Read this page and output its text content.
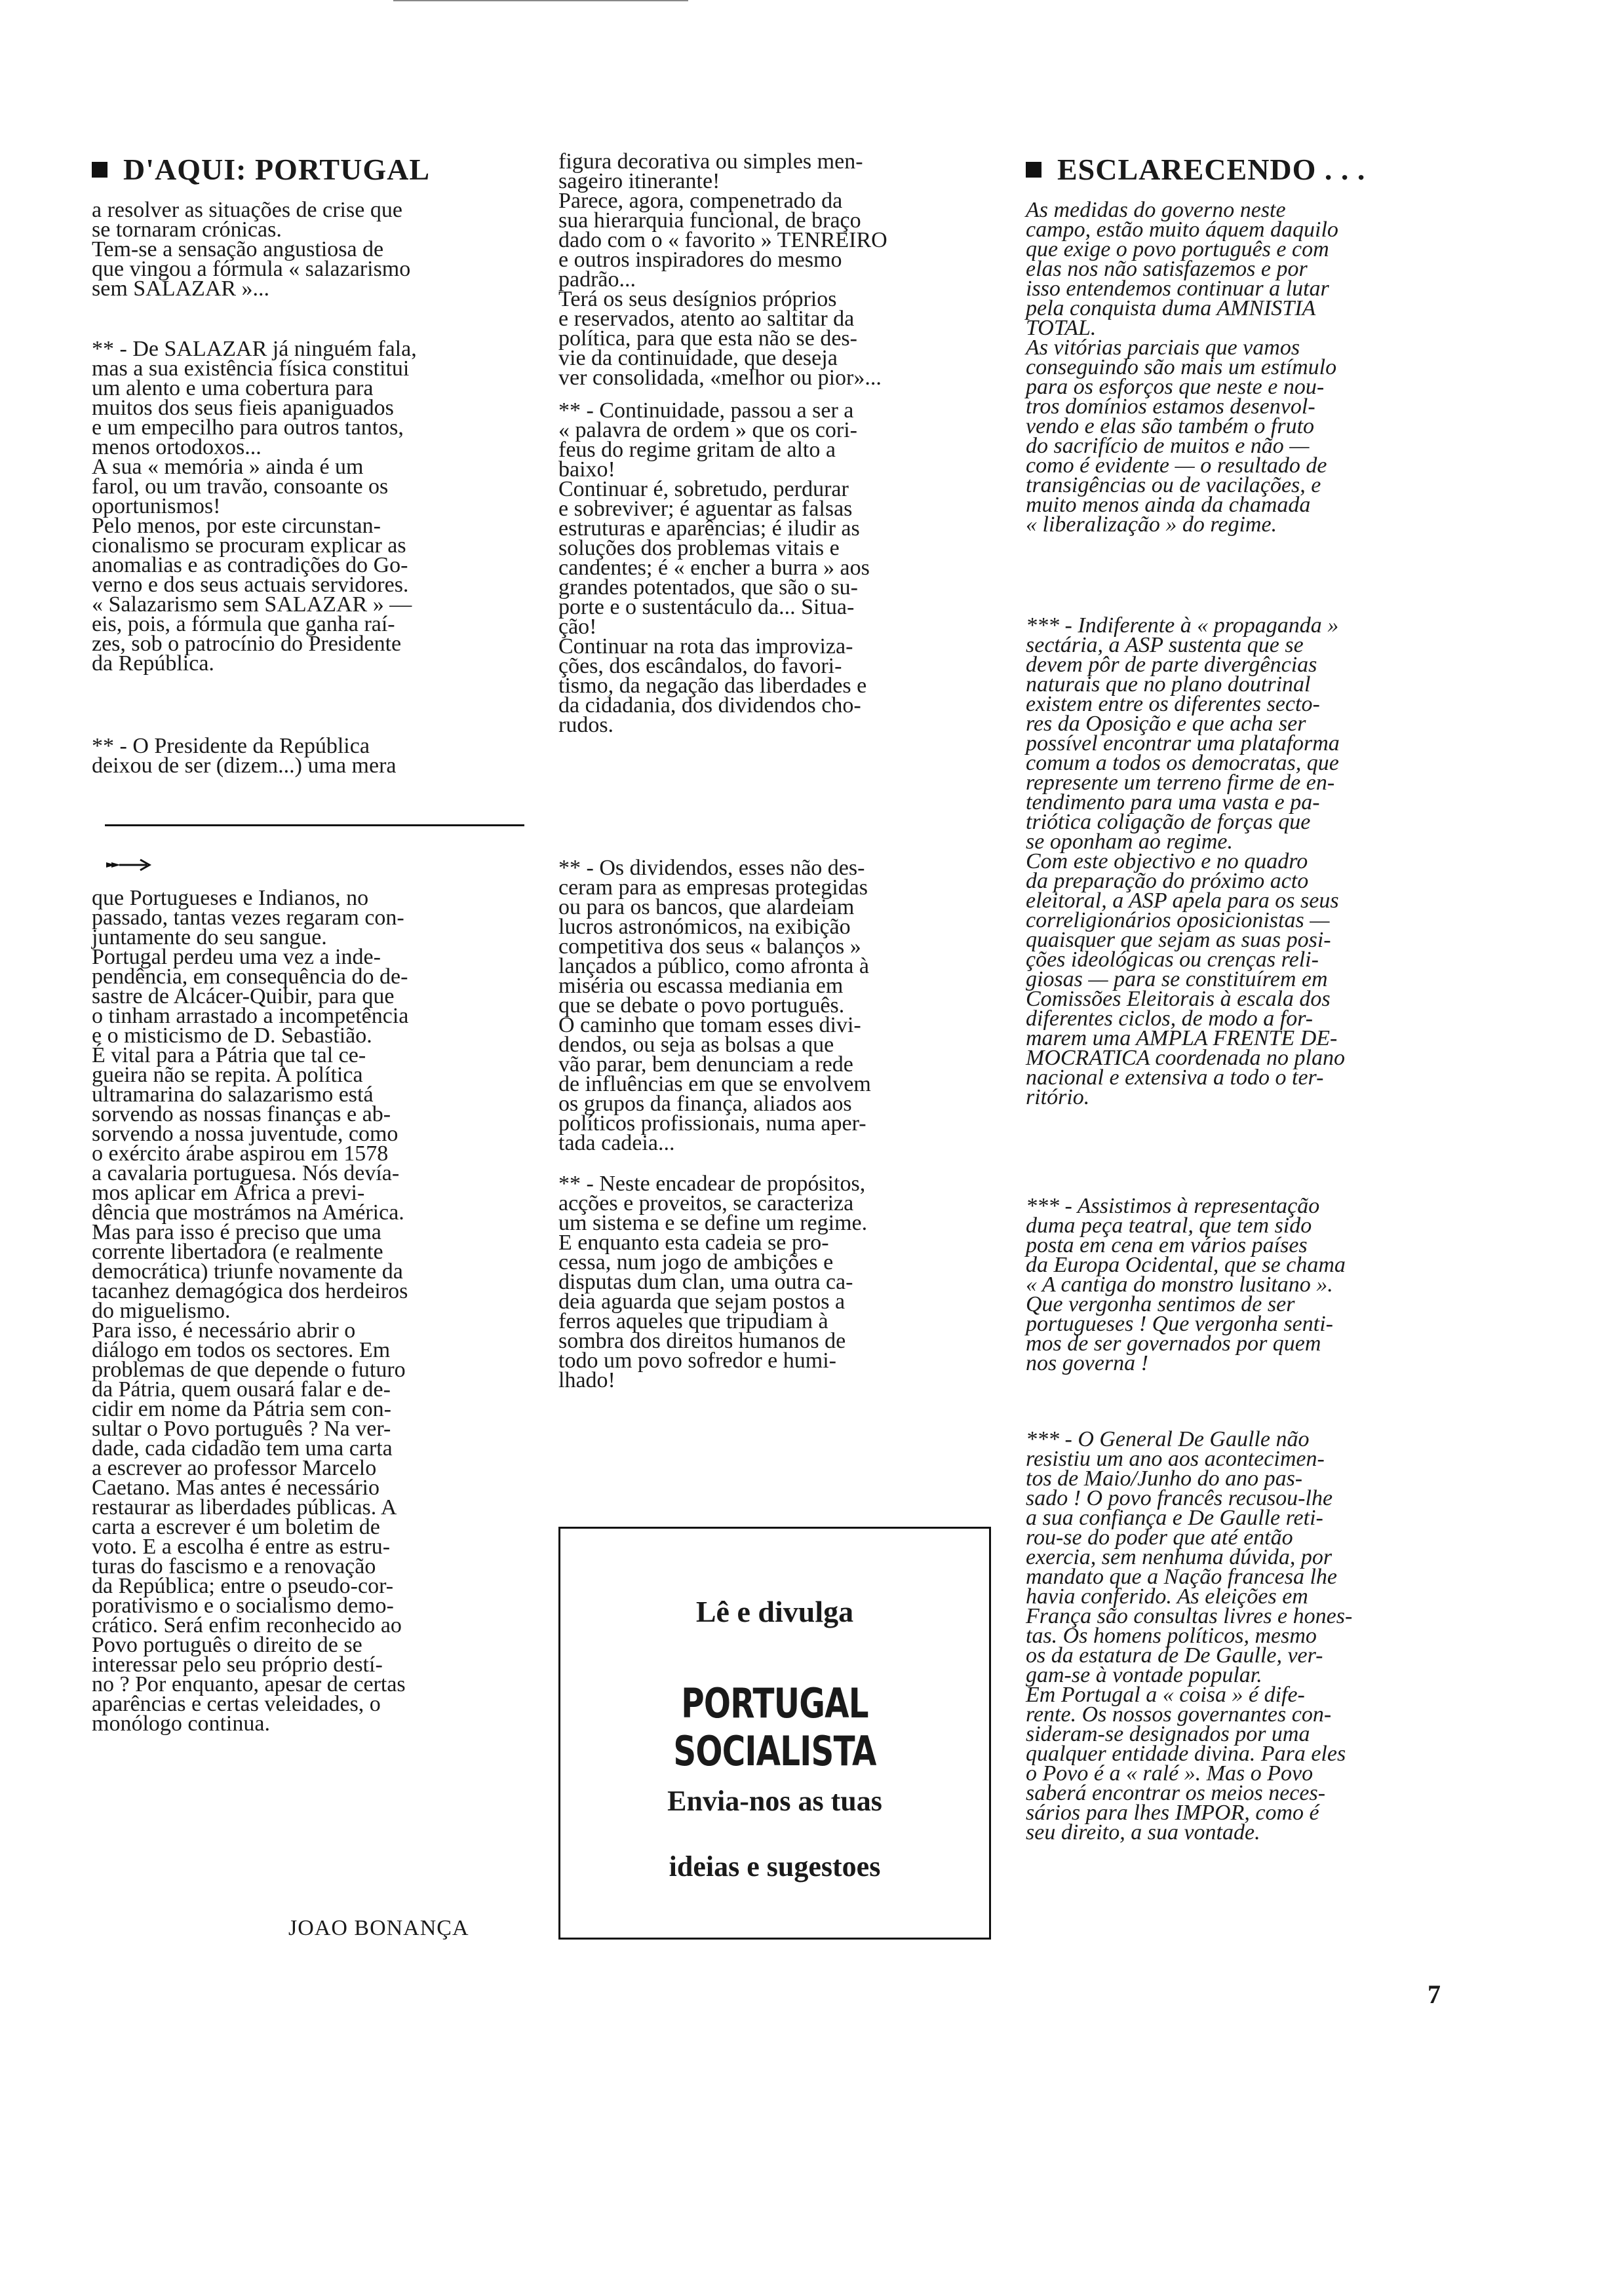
D'AQUI: PORTUGAL

a resolver as situações de crise que
se tornaram crónicas.
Tem-se a sensação angustiosa de
que vingou a fórmula « salazarismo
sem SALAZAR »...

** - De SALAZAR já ninguém fala,
mas a sua existência física constitui
um alento e uma cobertura para
muitos dos seus fieis apaniguados
e um empecilho para outros tantos,
menos ortodoxos...
A sua « memória » ainda é um
farol, ou um travão, consoante os
oportunismos!
Pelo menos, por este circunstan-
cionalismo se procuram explicar as
anomalias e as contradições do Go-
verno e dos seus actuais servidores.
« Salazarismo sem SALAZAR » —
eis, pois, a fórmula que ganha raí-
zes, sob o patrocínio do Presidente
da República.

** - O Presidente da República
deixou de ser (dizem...) uma mera

que Portugueses e Indianos, no
passado, tantas vezes regaram con-
juntamente do seu sangue.
Portugal perdeu uma vez a inde-
pendência, em consequência do de-
sastre de Alcácer-Quibir, para que
o tinham arrastado a incompetência
e o misticismo de D. Sebastião.
É vital para a Pátria que tal ce-
gueira não se repita. A política
ultramarina do salazarismo está
sorvendo as nossas finanças e ab-
sorvendo a nossa juventude, como
o exército árabe aspirou em 1578
a cavalaria portuguesa. Nós devía-
mos aplicar em África a previ-
dência que mostrámos na América.
Mas para isso é preciso que uma
corrente libertadora (e realmente
democrática) triunfe novamente da
tacanhez demagógica dos herdeiros
do miguelismo.
Para isso, é necessário abrir o
diálogo em todos os sectores. Em
problemas de que depende o futuro
da Pátria, quem ousará falar e de-
cidir em nome da Pátria sem con-
sultar o Povo português ? Na ver-
dade, cada cidadão tem uma carta
a escrever ao professor Marcelo
Caetano. Mas antes é necessário
restaurar as liberdades públicas. A
carta a escrever é um boletim de
voto. E a escolha é entre as estru-
turas do fascismo e a renovação
da República; entre o pseudo-cor-
porativismo e o socialismo demo-
crático. Será enfim reconhecido ao
Povo português o direito de se
interessar pelo seu próprio destí-
no ? Por enquanto, apesar de certas
aparências e certas veleidades, o
monólogo continua.

JOAO BONANÇA

figura decorativa ou simples men-
sageiro itinerante!
Parece, agora, compenetrado da
sua hierarquia funcional, de braço
dado com o « favorito » TENREIRO
e outros inspiradores do mesmo
padrão...
Terá os seus desígnios próprios
e reservados, atento ao saltitar da
política, para que esta não se des-
vie da continuidade, que deseja
ver consolidada, «melhor ou pior»...

** - Continuidade, passou a ser a
« palavra de ordem » que os cori-
feus do regime gritam de alto a
baixo!
Continuar é, sobretudo, perdurar
e sobreviver; é aguentar as falsas
estruturas e aparências; é iludir as
soluções dos problemas vitais e
candentes; é « encher a burra » aos
grandes potentados, que são o su-
porte e o sustentáculo da... Situa-
ção!
Continuar na rota das improviza-
ções, dos escândalos, do favori-
tismo, da negação das liberdades e
da cidadania, dos dividendos cho-
rudos.

** - Os dividendos, esses não des-
ceram para as empresas protegidas
ou para os bancos, que alardeiam
lucros astronómicos, na exibição
competitiva dos seus « balanços »
lançados a público, como afronta à
miséria ou escassa mediania em
que se debate o povo português.
O caminho que tomam esses divi-
dendos, ou seja as bolsas a que
vão parar, bem denunciam a rede
de influências em que se envolvem
os grupos da finança, aliados aos
políticos profissionais, numa aper-
tada cadeia...

** - Neste encadear de propósitos,
acções e proveitos, se caracteriza
um sistema e se define um regime.
E enquanto esta cadeia se pro-
cessa, num jogo de ambições e
disputas dum clan, uma outra ca-
deia aguarda que sejam postos a
ferros aqueles que tripudiam à
sombra dos direitos humanos de
todo um povo sofredor e humi-
lhado!

Lê e divulga
PORTUGAL SOCIALISTA
Envia-nos as tuas
ideias e sugestoes
ESCLARECENDO . . .

As medidas do governo neste
campo, estão muito áquem daquilo
que exige o povo português e com
elas nos não satisfazemos e por
isso entendemos continuar a lutar
pela conquista duma AMNISTIA
TOTAL.
As vitórias parciais que vamos
conseguindo são mais um estímulo
para os esforços que neste e nou-
tros domínios estamos desenvol-
vendo e elas são também o fruto
do sacrifício de muitos e não —
como é evidente — o resultado de
transigências ou de vacilações, e
muito menos ainda da chamada
« liberalização » do regime.

*** - Indiferente à « propaganda »
sectária, a ASP sustenta que se
devem pôr de parte divergências
naturais que no plano doutrinal
existem entre os diferentes secto-
res da Oposição e que acha ser
possível encontrar uma plataforma
comum a todos os democratas, que
represente um terreno firme de en-
tendimento para uma vasta e pa-
triótica coligação de forças que
se oponham ao regime.
Com este objectivo e no quadro
da preparação do próximo acto
eleitoral, a ASP apela para os seus
correligionários oposicionistas —
quaisquer que sejam as suas posi-
ções ideológicas ou crenças reli-
giosas — para se constituírem em
Comissões Eleitorais à escala dos
diferentes ciclos, de modo a for-
marem uma AMPLA FRENTE DE-
MOCRATICA coordenada no plano
nacional e extensiva a todo o ter-
ritório.

*** - Assistimos à representação
duma peça teatral, que tem sido
posta em cena em vários países
da Europa Ocidental, que se chama
« A cantiga do monstro lusitano ».
Que vergonha sentimos de ser
portugueses ! Que vergonha senti-
mos de ser governados por quem
nos governa !

*** - O General De Gaulle não
resistiu um ano aos acontecimen-
tos de Maio/Junho do ano pas-
sado ! O povo francês recusou-lhe
a sua confiança e De Gaulle reti-
rou-se do poder que até então
exercia, sem nenhuma dúvida, por
mandato que a Nação francesa lhe
havia conferido. As eleições em
França são consultas livres e hones-
tas. Os homens políticos, mesmo
os da estatura de De Gaulle, ver-
gam-se à vontade popular.
Em Portugal a « coisa » é dife-
rente. Os nossos governantes con-
sideram-se designados por uma
qualquer entidade divina. Para eles
o Povo é a « ralé ». Mas o Povo
saberá encontrar os meios neces-
sários para lhes IMPOR, como é
seu direito, a sua vontade.

7
